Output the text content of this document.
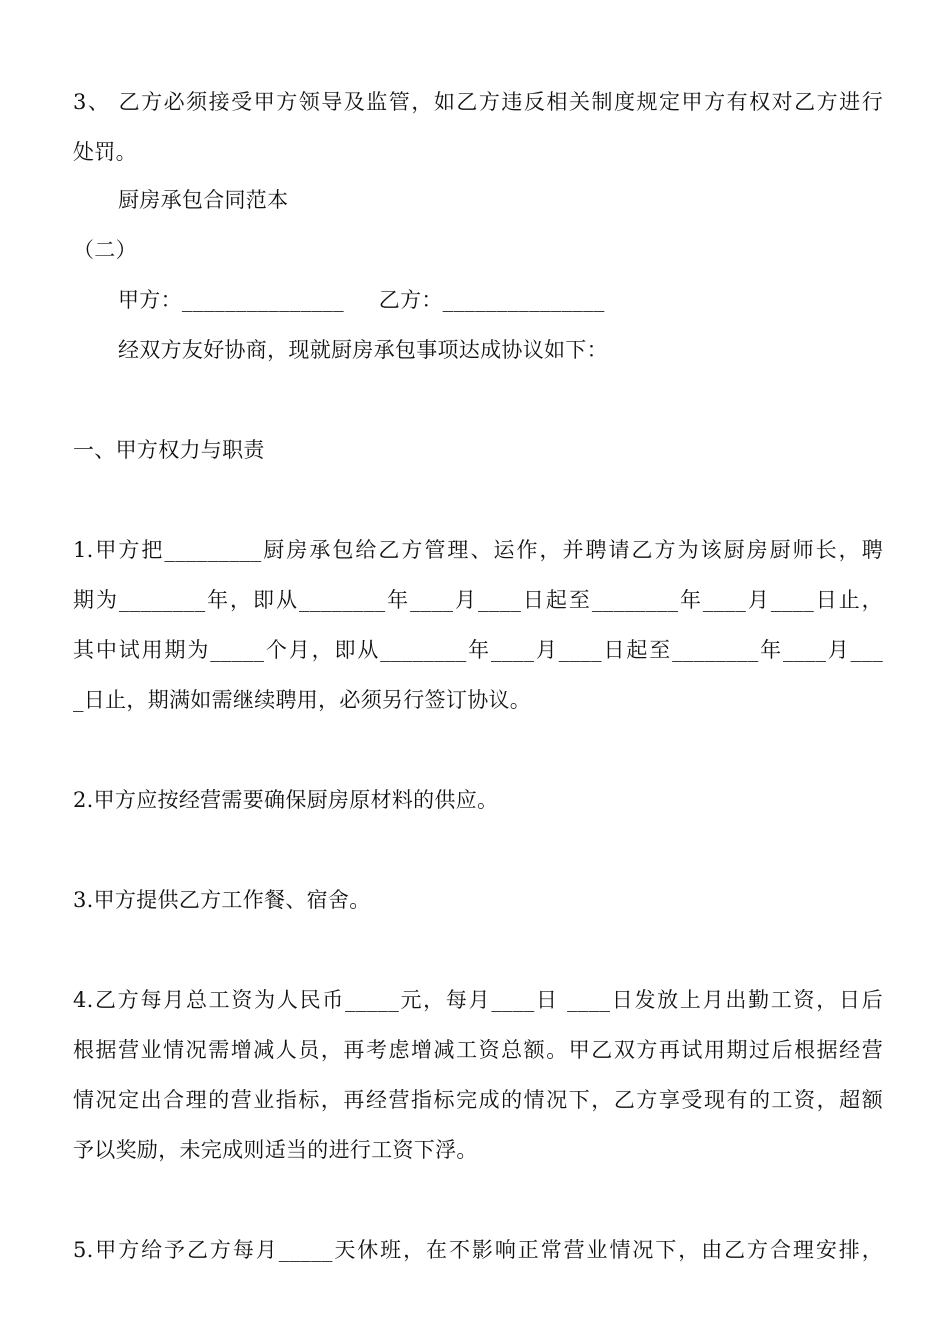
3、 乙方必须接受甲方领导及监管，如乙方违反相关制度规定甲方有权对乙方进行
处罚。
厨房承包合同范本
（二）
甲方：_______________     乙方：_______________
经双方友好协商，现就厨房承包事项达成协议如下：
一、甲方权力与职责
1.甲方把_________厨房承包给乙方管理、运作，并聘请乙方为该厨房厨师长，聘
期为________年，即从________年____月____日起至________年____月____日止，
其中试用期为_____个月，即从________年____月____日起至________年____月___
_日止，期满如需继续聘用，必须另行签订协议。
2.甲方应按经营需要确保厨房原材料的供应。
3.甲方提供乙方工作餐、宿舍。
4.乙方每月总工资为人民币_____元，每月____日 ____日发放上月出勤工资，日后
根据营业情况需增减人员，再考虑增减工资总额。甲乙双方再试用期过后根据经营
情况定出合理的营业指标，再经营指标完成的情况下，乙方享受现有的工资，超额
予以奖励，未完成则适当的进行工资下浮。
5.甲方给予乙方每月_____天休班，在不影响正常营业情况下，由乙方合理安排，
